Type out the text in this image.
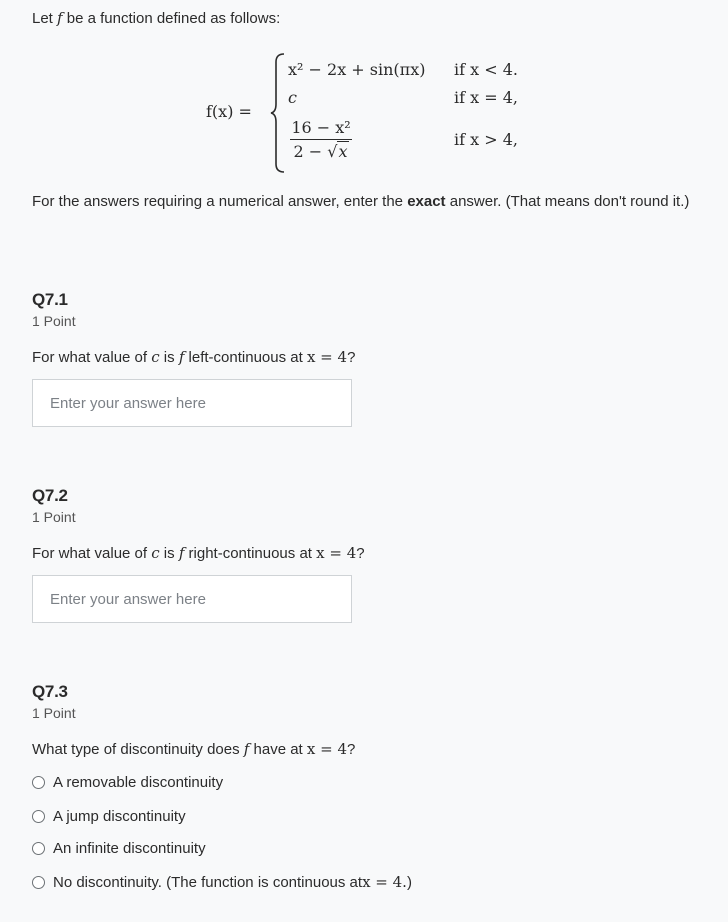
Let f be a function defined as follows:
f(x) =
x² − 2x + sin(πx) if x < 4.
c	if x = 4,
16 − x²
2 − √x
if x > 4,
For the answers requiring a numerical answer, enter the exact answer. (That means don't round it.)
Q7.1
1 Point
For what value of c is f left-continuous at x = 4?
Enter your answer here
Q7.2
1 Point
For what value of c is f right-continuous at x = 4?
Enter your answer here
Q7.3
1 Point
What type of discontinuity does f have at x = 4?
A removable discontinuity
A jump discontinuity
An infinite discontinuity
No discontinuity. (The function is continuous at x = 4. )
